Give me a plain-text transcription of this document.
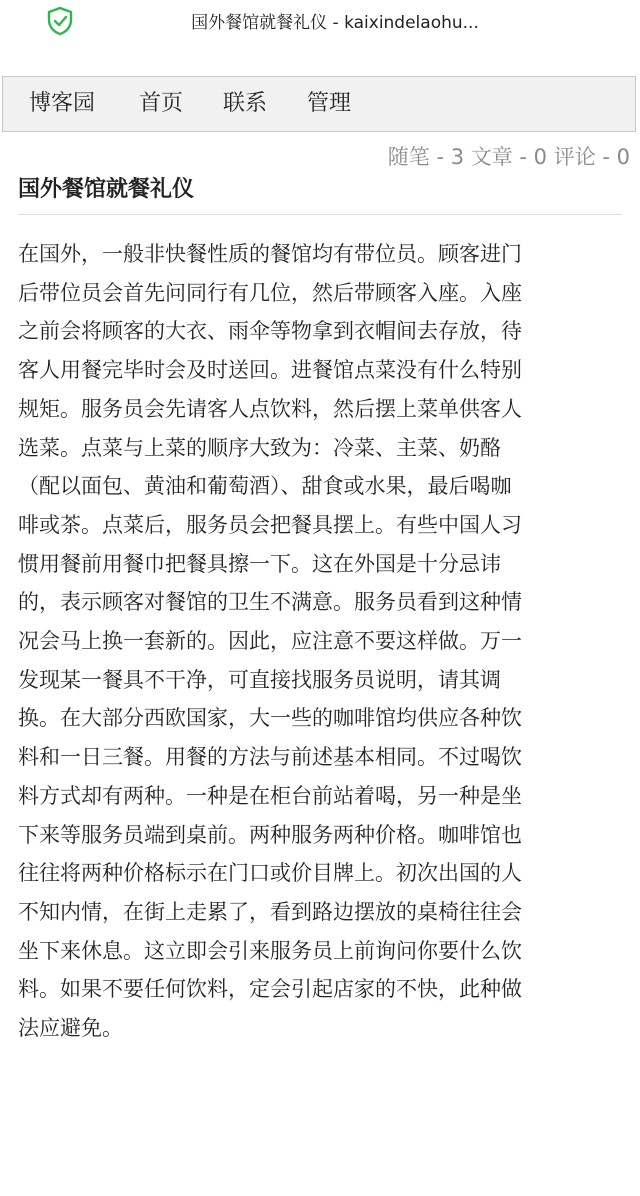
国外餐馆就餐礼仪 - kaixindelaohu...
博客园 首页 联系 管理
随笔 - 3 文章 - 0 评论 - 0
国外餐馆就餐礼仪
在国外，一般非快餐性质的餐馆均有带位员。顾客进门
后带位员会首先问同行有几位，然后带顾客入座。入座
之前会将顾客的大衣、雨伞等物拿到衣帽间去存放，待
客人用餐完毕时会及时送回。进餐馆点菜没有什么特别
规矩。服务员会先请客人点饮料，然后摆上菜单供客人
选菜。点菜与上菜的顺序大致为：冷菜、主菜、奶酪
（配以面包、黄油和葡萄酒）、甜食或水果，最后喝咖
啡或茶。点菜后，服务员会把餐具摆上。有些中国人习
惯用餐前用餐巾把餐具擦一下。这在外国是十分忌讳
的，表示顾客对餐馆的卫生不满意。服务员看到这种情
况会马上换一套新的。因此，应注意不要这样做。万一
发现某一餐具不干净，可直接找服务员说明，请其调
换。在大部分西欧国家，大一些的咖啡馆均供应各种饮
料和一日三餐。用餐的方法与前述基本相同。不过喝饮
料方式却有两种。一种是在柜台前站着喝，另一种是坐
下来等服务员端到桌前。两种服务两种价格。咖啡馆也
往往将两种价格标示在门口或价目牌上。初次出国的人
不知内情，在街上走累了，看到路边摆放的桌椅往往会
坐下来休息。这立即会引来服务员上前询问你要什么饮
料。如果不要任何饮料，定会引起店家的不快，此种做
法应避免。
